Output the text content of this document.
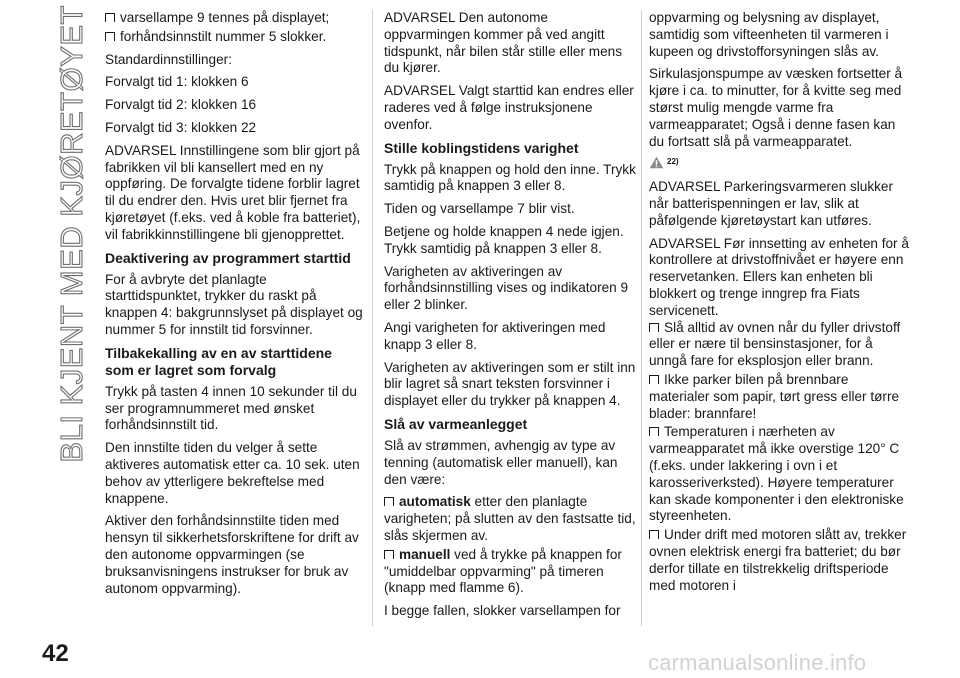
BLI KJENT MED KJØRETØYET	varsellampe 9 tennes på displayet;
forhåndsinnstilt nummer 5 slokker.

Standardinnstillinger:

Forvalgt tid 1: klokken 6

Forvalgt tid 2: klokken 16

Forvalgt tid 3: klokken 22

ADVARSEL Innstillingene som blir gjort på fabrikken vil bli kansellert med en ny oppføring. De forvalgte tidene forblir lagret til du endrer den. Hvis uret blir fjernet fra kjøretøyet (f.eks. ved å koble fra batteriet), vil fabrikkinnstillingene bli gjenopprettet.

Deaktivering av programmert starttid

For å avbryte det planlagte starttidspunktet, trykker du raskt på knappen 4: bakgrunnslyset på displayet og nummer 5 for innstilt tid forsvinner.

Tilbakekalling av en av starttidene som er lagret som forvalg

Trykk på tasten 4 innen 10 sekunder til du ser programnummeret med ønsket forhåndsinnstilt tid.

Den innstilte tiden du velger å sette aktiveres automatisk etter ca. 10 sek. uten behov av ytterligere bekreftelse med knappene.

Aktiver den forhåndsinnstilte tiden med hensyn til sikkerhetsforskriftene for drift av den autonome oppvarmingen (se bruksanvisningens instrukser for bruk av autonom oppvarming).

ADVARSEL Den autonome oppvarmingen kommer på ved angitt tidspunkt, når bilen står stille eller mens du kjører.

ADVARSEL Valgt starttid kan endres eller raderes ved å følge instruksjonene ovenfor.

Stille koblingstidens varighet

Trykk på knappen og hold den inne. Trykk samtidig på knappen 3 eller 8.

Tiden og varsellampe 7 blir vist.

Betjene og holde knappen 4 nede igjen. Trykk samtidig på knappen 3 eller 8.

Varigheten av aktiveringen av forhåndsinnstilling vises og indikatoren 9 eller 2 blinker.

Angi varigheten for aktiveringen med knapp 3 eller 8.

Varigheten av aktiveringen som er stilt inn blir lagret så snart teksten forsvinner i displayet eller du trykker på knappen 4.

Slå av varmeanlegget

Slå av strømmen, avhengig av type av tenning (automatisk eller manuell), kan den være:

automatisk etter den planlagte varigheten; på slutten av den fastsatte tid, slås skjermen av.
manuell ved å trykke på knappen for "umiddelbar oppvarming" på timeren (knapp med flamme 6).

I begge fallen, slokker varsellampen for

oppvarming og belysning av displayet, samtidig som vifteenheten til varmeren i kupeen og drivstofforsyningen slås av.

Sirkulasjonspumpe av væsken fortsetter å kjøre i ca. to minutter, for å kvitte seg med størst mulig mengde varme fra varmeapparatet; Også i denne fasen kan du fortsatt slå på varmeapparatet.

22)

ADVARSEL Parkeringsvarmeren slukker når batterispenningen er lav, slik at påfølgende kjøretøystart kan utføres.

ADVARSEL Før innsetting av enheten for å kontrollere at drivstoffnivået er høyere enn reservetanken. Ellers kan enheten bli blokkert og trenge inngrep fra Fiats servicenett.

Slå alltid av ovnen når du fyller drivstoff eller er nære til bensinstasjoner, for å unngå fare for eksplosjon eller brann.
Ikke parker bilen på brennbare materialer som papir, tørt gress eller tørre blader: brannfare!
Temperaturen i nærheten av varmeapparatet må ikke overstige 120° C (f.eks. under lakkering i ovn i et karosseriverksted). Høyere temperaturer kan skade komponenter i den elektroniske styreenheten.
Under drift med motoren slått av, trekker ovnen elektrisk energi fra batteriet; du bør derfor tillate en tilstrekkelig driftsperiode med motoren i
42	carmanualsonline.info
